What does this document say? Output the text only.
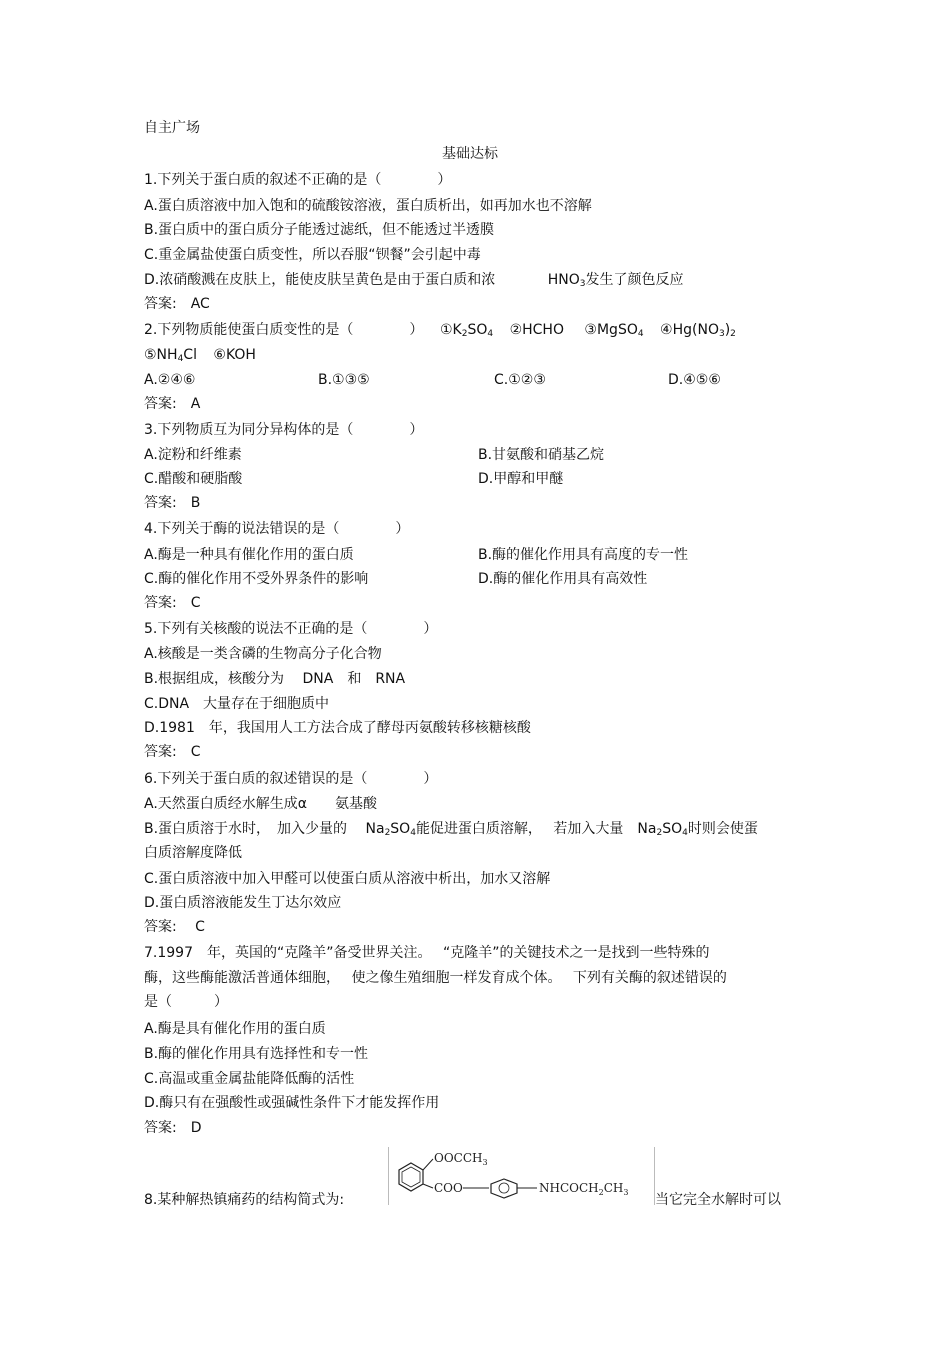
自主广场
基础达标
1.下列关于蛋白质的叙述不正确的是（　　　　）
A.蛋白质溶液中加入饱和的硫酸铵溶液，蛋白质析出，如再加水也不溶解
B.蛋白质中的蛋白质分子能透过滤纸，但不能透过半透膜
C.重金属盐使蛋白质变性，所以吞服“钡餐”会引起中毒
D.浓硝酸溅在皮肤上，能使皮肤呈黄色是由于蛋白质和浓	$HNO_3$发生了颜色反应
答案:　AC
2.下列物质能使蛋白质变性的是（　　　　） $①K_2SO_4$ ②HCHO ③MgSO$_4$ $④Hg(NO_3)_2$
$⑤NH_4Cl$ ⑥KOH
A.②④⑥	B.①③⑤	C.①②③	D.④⑤⑥
答案:　A
3.下列物质互为同分异构体的是（　　　　）
A.淀粉和纤维素	B.甘氨酸和硝基乙烷
C.醋酸和硬脂酸	D.甲醇和甲醚
答案:　B
4.下列关于酶的说法错误的是（　　　　）
A.酶是一种具有催化作用的蛋白质	B.酶的催化作用具有高度的专一性
C.酶的催化作用不受外界条件的影响	D.酶的催化作用具有高效性
答案:　C
5.下列有关核酸的说法不正确的是（　　　　）
A.核酸是一类含磷的生物高分子化合物
B.根据组成，核酸分为　 DNA　和　RNA
C.DNA　大量存在于细胞质中
D.1981　年，我国用人工方法合成了酵母丙氨酸转移核糖核酸
答案:　C
6.下列关于蛋白质的叙述错误的是（　　　　）
A.天然蛋白质经水解生成α　　氨基酸
B.蛋白质溶于水时，　加入少量的　 $Na_2SO_4$能促进蛋白质溶解，　 若加入大量　$Na_2SO_4$时则会使蛋
白质溶解度降低
C.蛋白质溶液中加入甲醛可以使蛋白质从溶液中析出，加水又溶解
D.蛋白质溶液能发生丁达尔效应
答案:　 C
7.1997　年，英国的“克隆羊”备受世界关注。　 “克隆羊”的关键技术之一是找到一些特殊的
酶，这些酶能激活普通体细胞，　 使之像生殖细胞一样发育成个体。　 下列有关酶的叙述错误的
是（　　　）
A.酶是具有催化作用的蛋白质
B.酶的催化作用具有选择性和专一性
C.高温或重金属盐能降低酶的活性
D.酶只有在强酸性或强碱性条件下才能发挥作用
答案:　D
8.某种解热镇痛药的结构简式为:
$OOCCH_3$
COO	$NHCOCH_2CH_3$ 当它完全水解时可以
